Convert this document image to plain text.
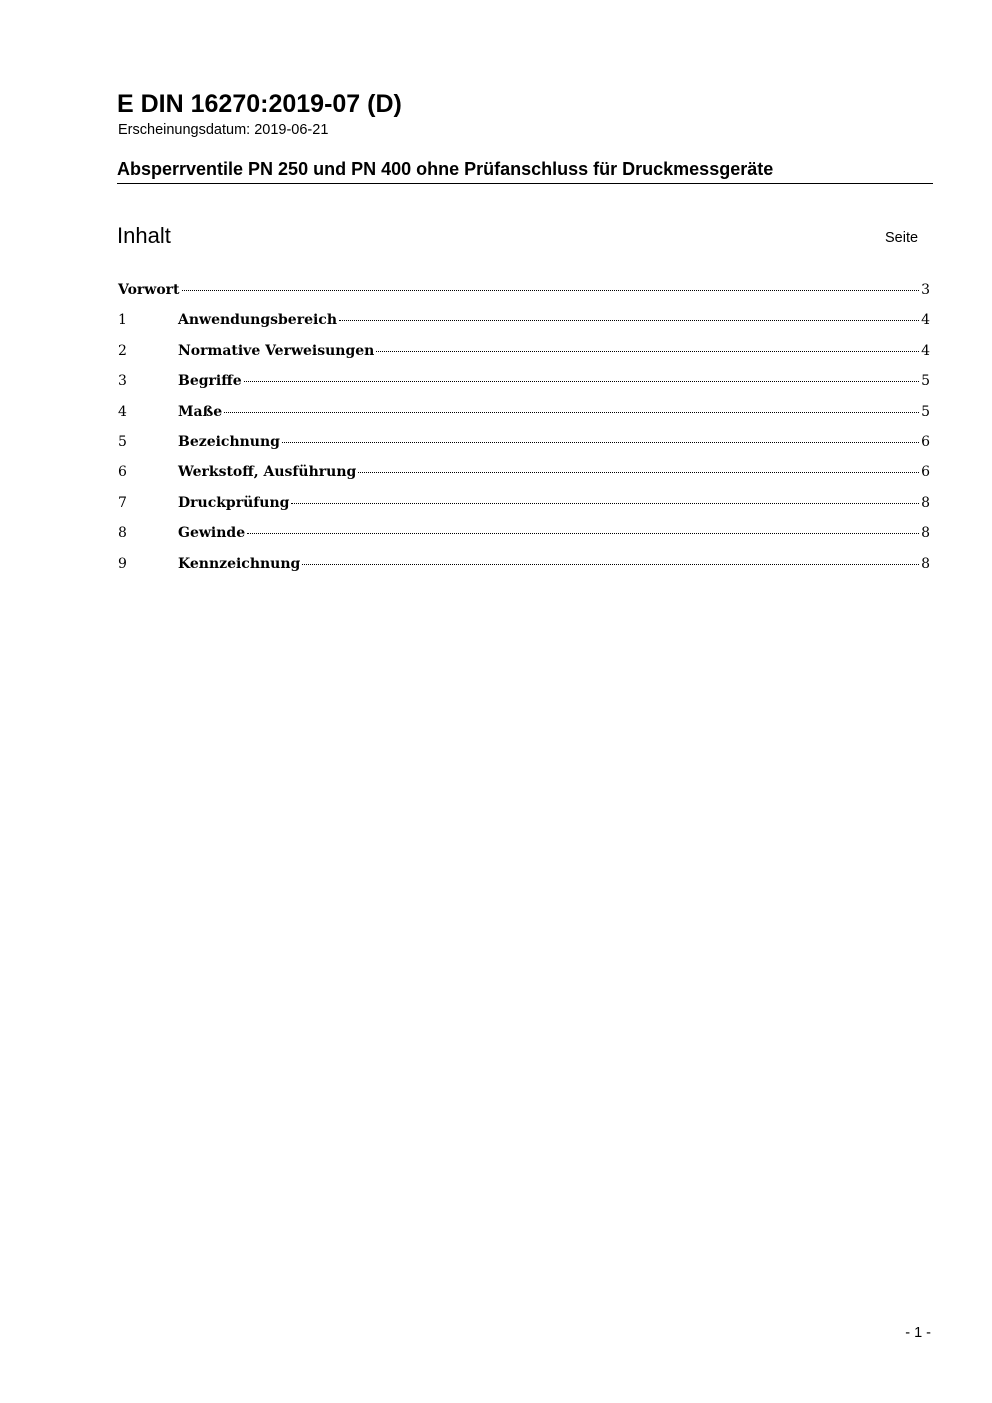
E DIN 16270:2019-07 (D)
Erscheinungsdatum: 2019-06-21
Absperrventile PN 250 und PN 400 ohne Prüfanschluss für Druckmessgeräte
Inhalt	Seite
Vorwort	3
1	Anwendungsbereich	4
2	Normative Verweisungen	4
3	Begriffe	5
4	Maße	5
5	Bezeichnung	6
6	Werkstoff, Ausführung	6
7	Druckprüfung	8
8	Gewinde	8
9	Kennzeichnung	8
- 1 -
